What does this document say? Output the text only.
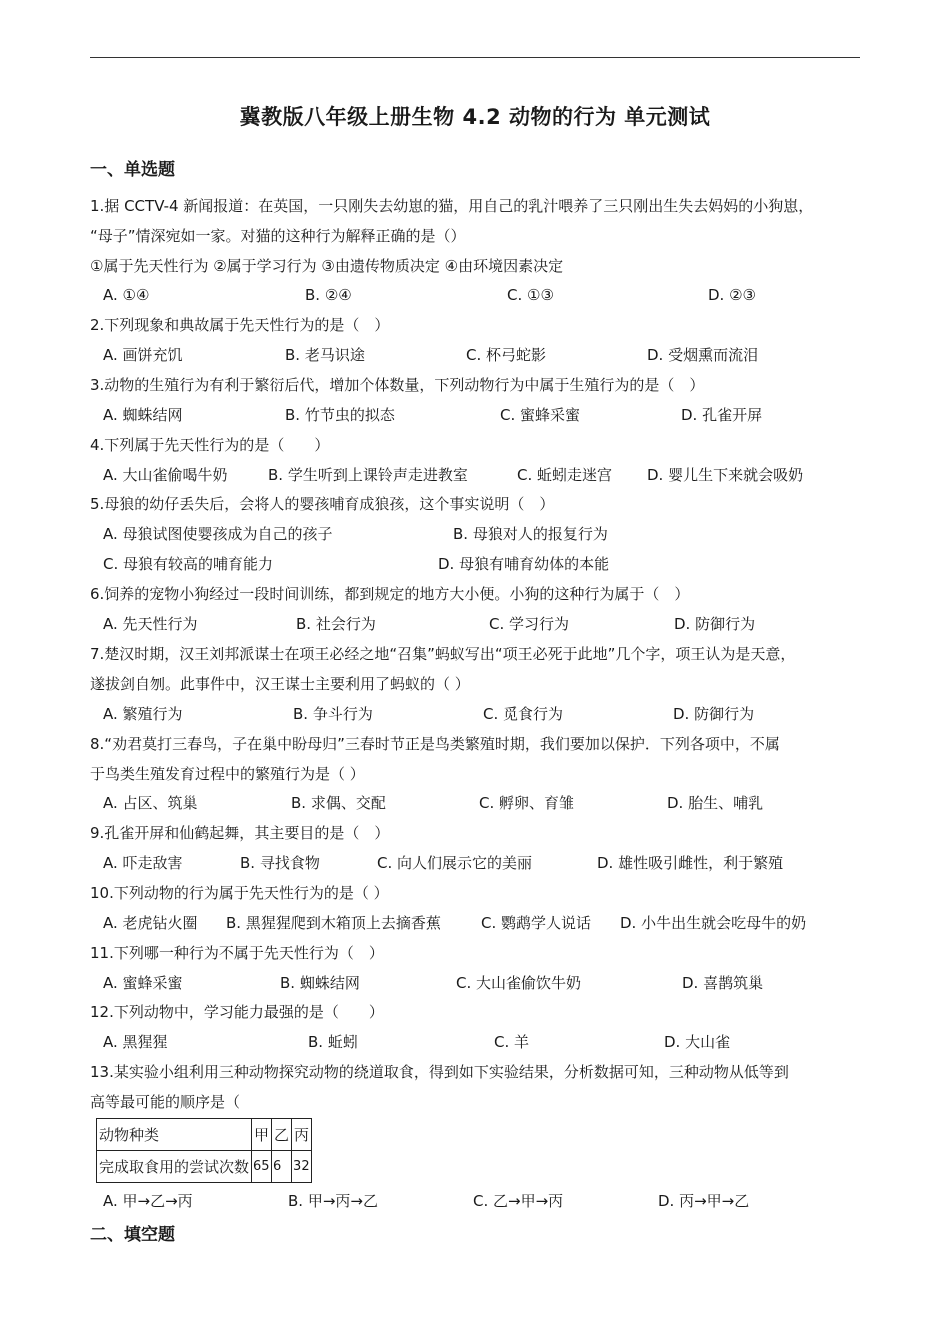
冀教版八年级上册生物 4.2 动物的行为 单元测试
一、单选题
1.据 CCTV-4 新闻报道：在英国，一只刚失去幼崽的猫，用自己的乳汁喂养了三只刚出生失去妈妈的小狗崽，
“母子”情深宛如一家。对猫的这种行为解释正确的是（）
①属于先天性行为 ②属于学习行为 ③由遗传物质决定 ④由环境因素决定
A. ①④	B. ②④	C. ①③	D. ②③
2.下列现象和典故属于先天性行为的是（　）
A. 画饼充饥	B. 老马识途	C. 杯弓蛇影	D. 受烟熏而流泪
3.动物的生殖行为有利于繁衍后代，增加个体数量，下列动物行为中属于生殖行为的是（　）
A. 蜘蛛结网	B. 竹节虫的拟态	C. 蜜蜂采蜜	D. 孔雀开屏
4.下列属于先天性行为的是（　　）
A. 大山雀偷喝牛奶	B. 学生听到上课铃声走进教室	C. 蚯蚓走迷宫 D. 婴儿生下来就会吸奶
5.母狼的幼仔丢失后，会将人的婴孩哺育成狼孩，这个事实说明（　）
A. 母狼试图使婴孩成为自己的孩子	B. 母狼对人的报复行为
C. 母狼有较高的哺育能力	D. 母狼有哺育幼体的本能
6.饲养的宠物小狗经过一段时间训练，都到规定的地方大小便。小狗的这种行为属于（　）
A. 先天性行为	B. 社会行为	C. 学习行为	D. 防御行为
7.楚汉时期，汉王刘邦派谋士在项王必经之地“召集”蚂蚁写出“项王必死于此地”几个字，项王认为是天意，
遂拔剑自刎。此事件中，汉王谋士主要利用了蚂蚁的（ ）
A. 繁殖行为	B. 争斗行为	C. 觅食行为	D. 防御行为
8.“劝君莫打三春鸟，子在巢中盼母归”三春时节正是鸟类繁殖时期，我们要加以保护．下列各项中，不属
于鸟类生殖发育过程中的繁殖行为是（ ）
A. 占区、筑巢	B. 求偶、交配	C. 孵卵、育雏	D. 胎生、哺乳
9.孔雀开屏和仙鹤起舞，其主要目的是（　）
A. 吓走敌害	B. 寻找食物	C. 向人们展示它的美丽	D. 雄性吸引雌性，利于繁殖
10.下列动物的行为属于先天性行为的是（ ）
A. 老虎钻火圈 B. 黑猩猩爬到木箱顶上去摘香蕉	C. 鹦鹉学人说话 D. 小牛出生就会吃母牛的奶
11.下列哪一种行为不属于先天性行为（　）
A. 蜜蜂采蜜	B. 蜘蛛结网	C. 大山雀偷饮牛奶	D. 喜鹊筑巢
12.下列动物中，学习能力最强的是（　　）
A. 黑猩猩	B. 蚯蚓	C. 羊	D. 大山雀
13.某实验小组利用三种动物探究动物的绕道取食，得到如下实验结果，分析数据可知，三种动物从低等到
高等最可能的顺序是（
动物种类	甲	乙	丙
完成取食用的尝试次数	65	6	32
A. 甲→乙→丙	B. 甲→丙→乙	C. 乙→甲→丙	D. 丙→甲→乙
二、填空题
